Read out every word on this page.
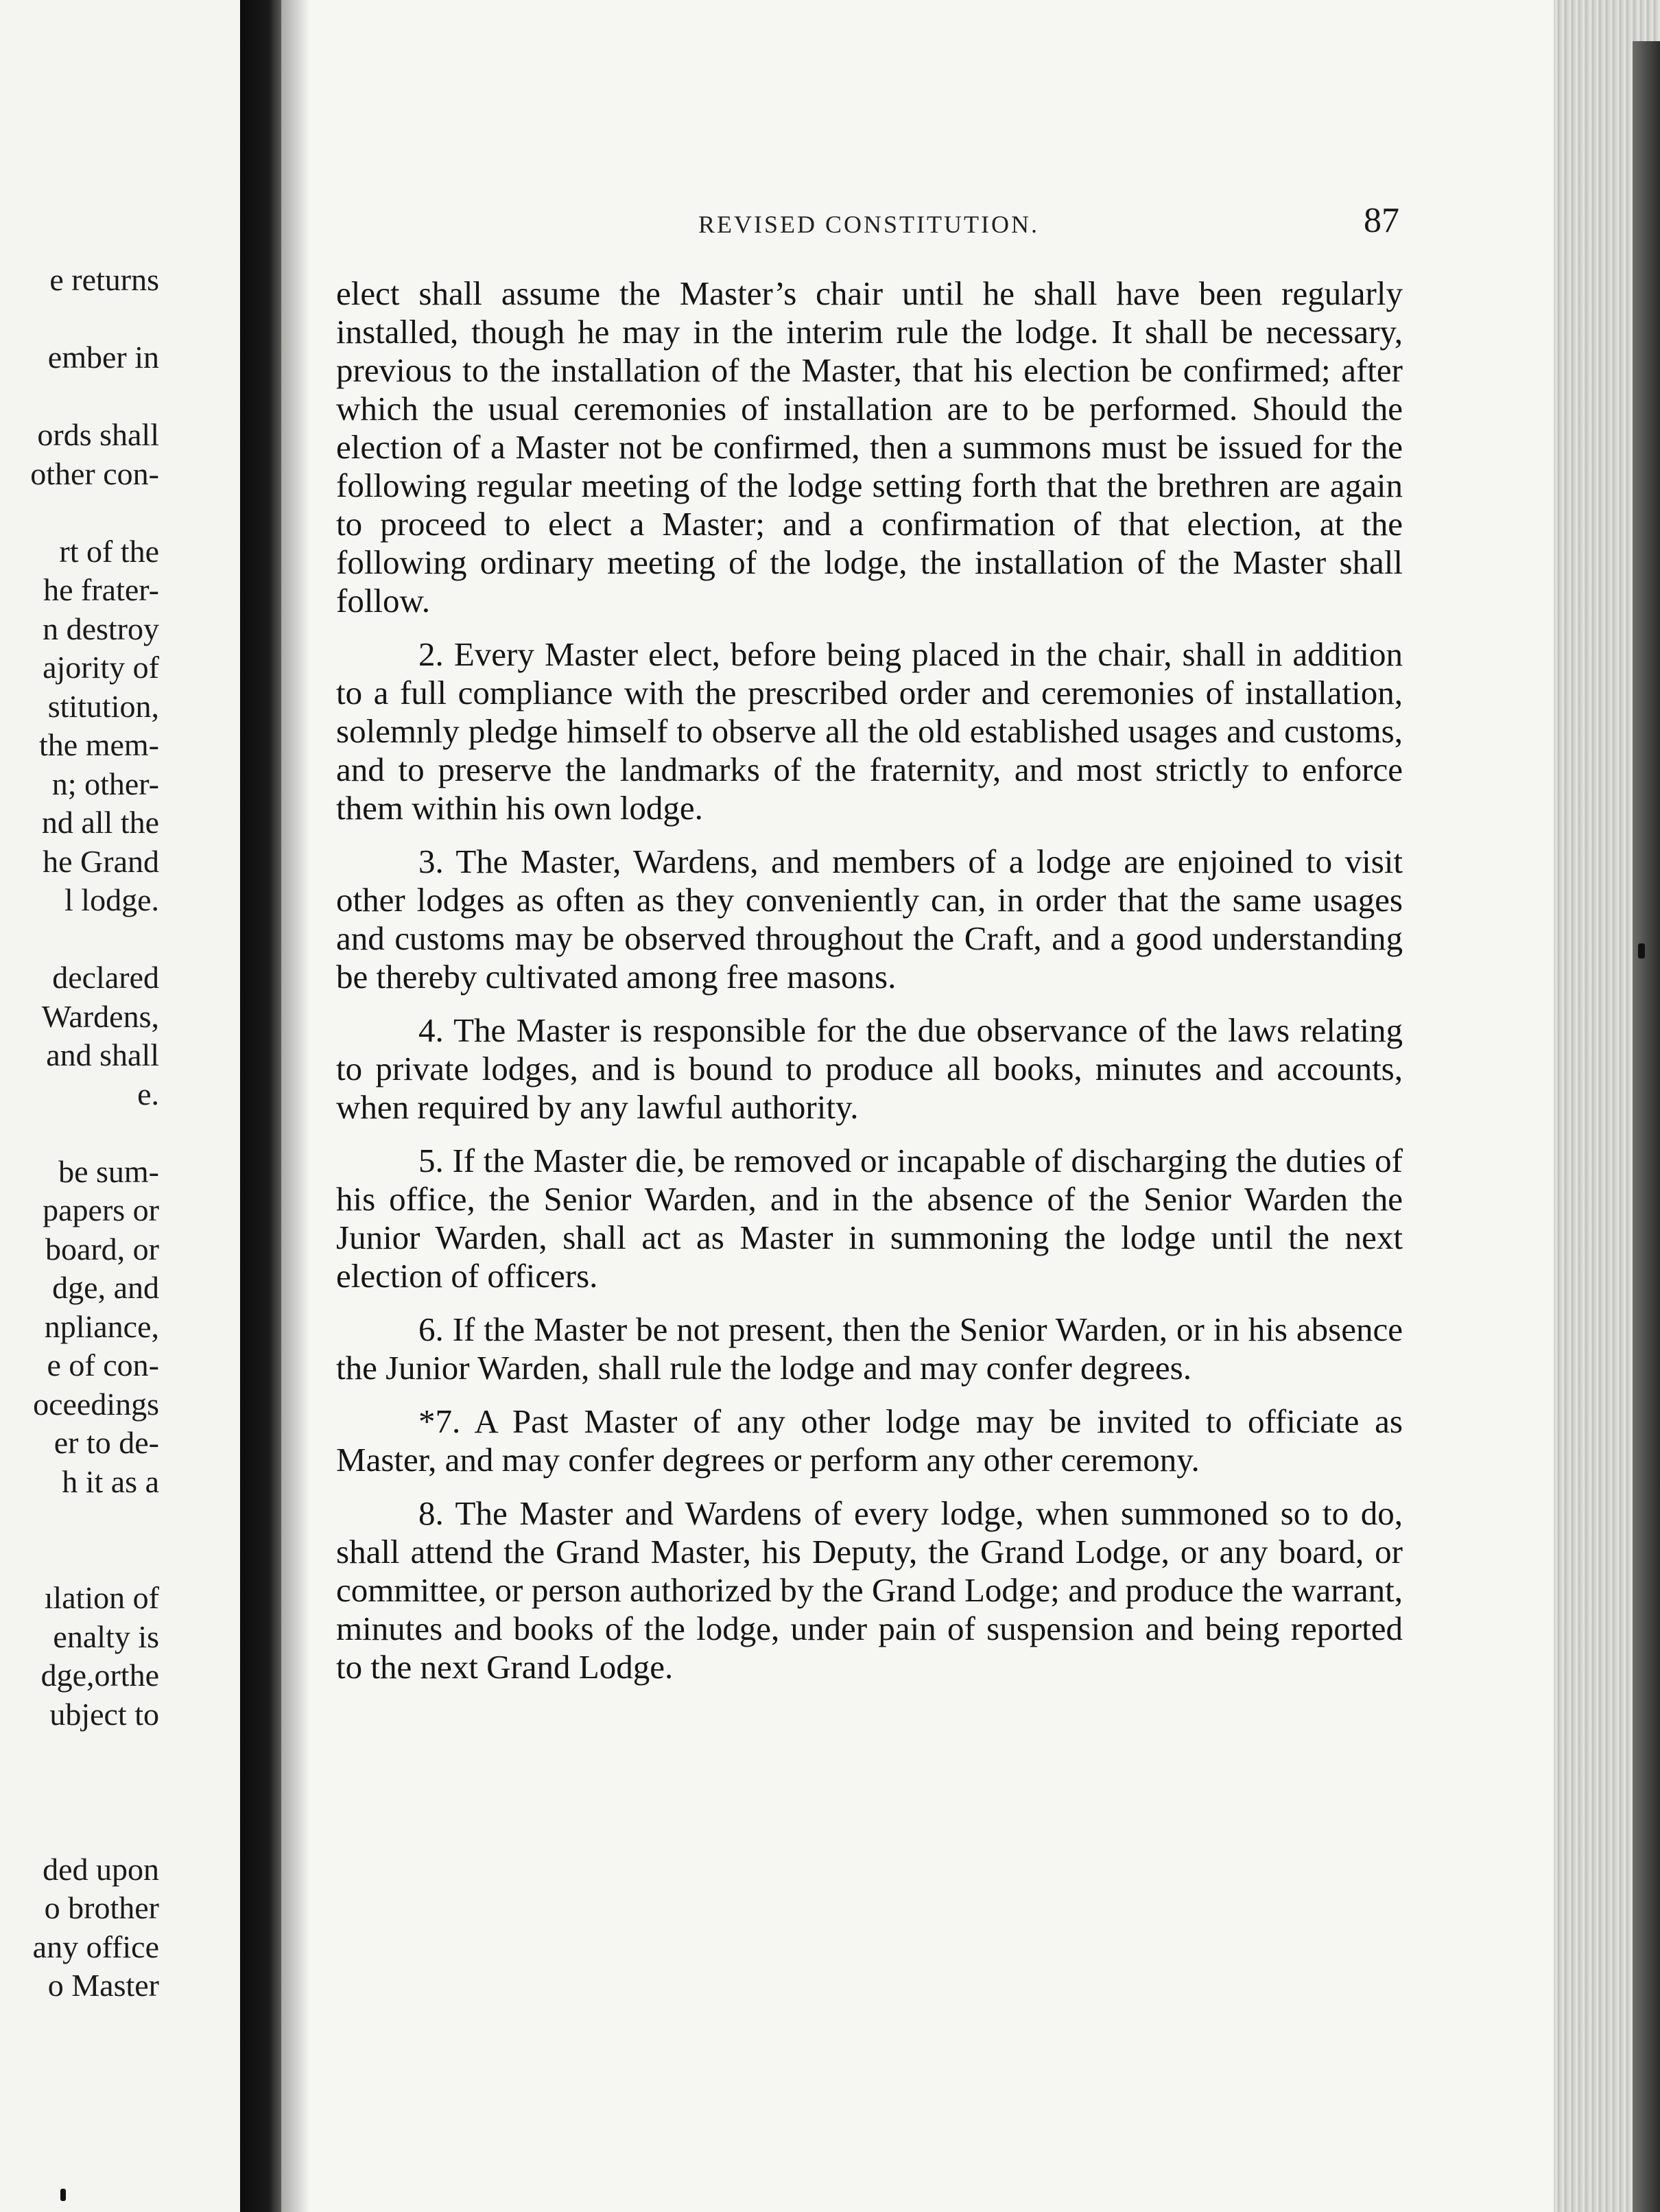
e returns
ember in
ords shall
other con-
rt of the
he frater-
n destroy
ajority of
stitution,
the mem-
n; other-
nd all the
he Grand
l lodge.
declared
Wardens,
and shall
e.
be sum-
papers or
board, or
dge, and
npliance,
e of con-
oceedings
er to de-
h it as a
ılation of
enalty is
dge,orthe
ubject to
ded upon
o brother
any office
o Master
REVISED CONSTITUTION.	87

elect shall assume the Master’s chair until he shall have been regularly installed, though he may in the interim rule the lodge. It shall be necessary, previous to the installation of the Master, that his election be confirmed; after which the usual ceremonies of installation are to be performed. Should the election of a Master not be confirmed, then a summons must be issued for the following regular meeting of the lodge setting forth that the brethren are again to proceed to elect a Master; and a confirmation of that election, at the following ordinary meeting of the lodge, the installation of the Master shall follow.

2. Every Master elect, before being placed in the chair, shall in addition to a full compliance with the prescribed order and ceremonies of installation, solemnly pledge himself to observe all the old established usages and customs, and to preserve the landmarks of the fraternity, and most strictly to enforce them within his own lodge.

3. The Master, Wardens, and members of a lodge are enjoined to visit other lodges as often as they conveniently can, in order that the same usages and customs may be observed throughout the Craft, and a good understanding be thereby cultivated among free masons.

4. The Master is responsible for the due observance of the laws relating to private lodges, and is bound to produce all books, minutes and accounts, when required by any lawful authority.

5. If the Master die, be removed or incapable of discharging the duties of his office, the Senior Warden, and in the absence of the Senior Warden the Junior Warden, shall act as Master in summoning the lodge until the next election of officers.

6. If the Master be not present, then the Senior Warden, or in his absence the Junior Warden, shall rule the lodge and may confer degrees.

*7. A Past Master of any other lodge may be invited to officiate as Master, and may confer degrees or perform any other ceremony.

8. The Master and Wardens of every lodge, when summoned so to do, shall attend the Grand Master, his Deputy, the Grand Lodge, or any board, or committee, or person authorized by the Grand Lodge; and produce the warrant, minutes and books of the lodge, under pain of suspension and being reported to the next Grand Lodge.
